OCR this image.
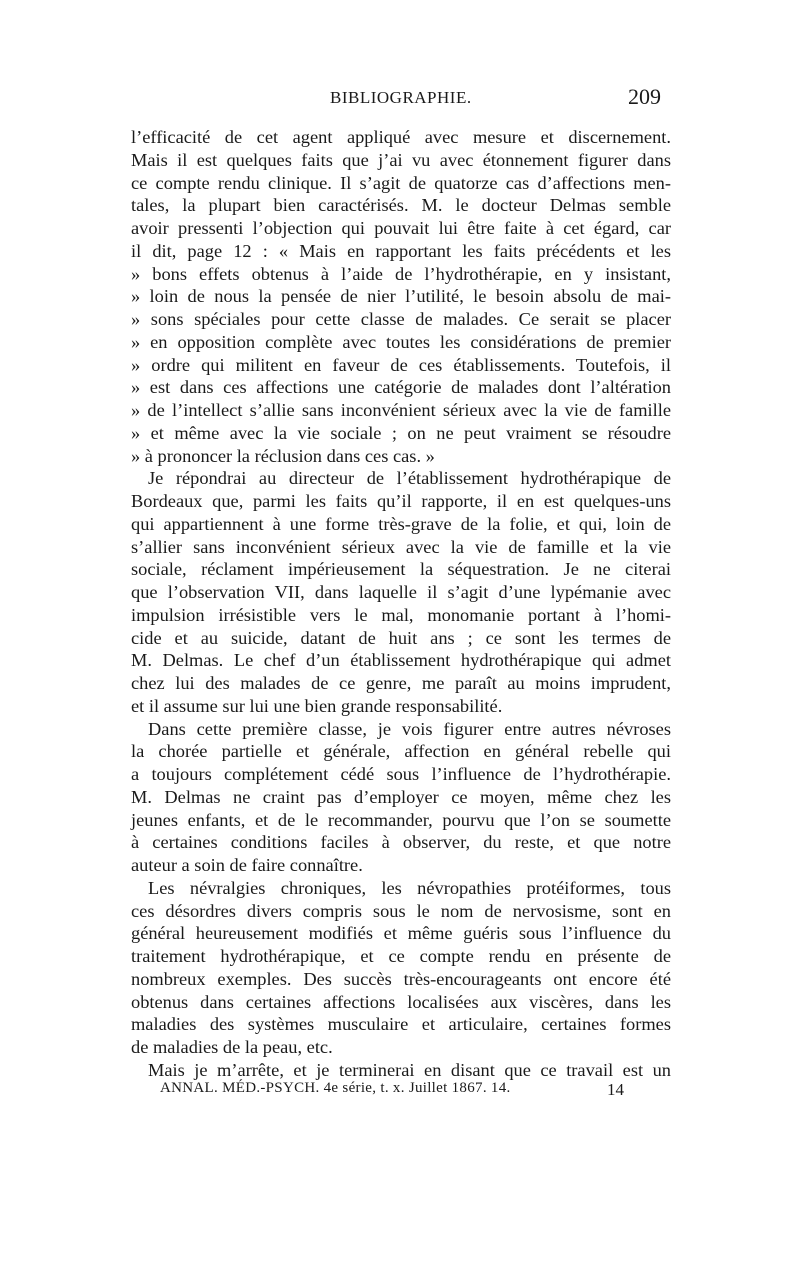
BIBLIOGRAPHIE.	209
l’efficacité de cet agent appliqué avec mesure et discernement.
Mais il est quelques faits que j’ai vu avec étonnement figurer dans
ce compte rendu clinique. Il s’agit de quatorze cas d’affections men-
tales, la plupart bien caractérisés. M. le docteur Delmas semble
avoir pressenti l’objection qui pouvait lui être faite à cet égard, car
il dit, page 12 : « Mais en rapportant les faits précédents et les
» bons effets obtenus à l’aide de l’hydrothérapie, en y insistant,
» loin de nous la pensée de nier l’utilité, le besoin absolu de mai-
» sons spéciales pour cette classe de malades. Ce serait se placer
» en opposition complète avec toutes les considérations de premier
» ordre qui militent en faveur de ces établissements. Toutefois, il
» est dans ces affections une catégorie de malades dont l’altération
» de l’intellect s’allie sans inconvénient sérieux avec la vie de famille
» et même avec la vie sociale ; on ne peut vraiment se résoudre
» à prononcer la réclusion dans ces cas. »
Je répondrai au directeur de l’établissement hydrothérapique de
Bordeaux que, parmi les faits qu’il rapporte, il en est quelques-uns
qui appartiennent à une forme très-grave de la folie, et qui, loin de
s’allier sans inconvénient sérieux avec la vie de famille et la vie
sociale, réclament impérieusement la séquestration. Je ne citerai
que l’observation VII, dans laquelle il s’agit d’une lypémanie avec
impulsion irrésistible vers le mal, monomanie portant à l’homi-
cide et au suicide, datant de huit ans ; ce sont les termes de
M. Delmas. Le chef d’un établissement hydrothérapique qui admet
chez lui des malades de ce genre, me paraît au moins imprudent,
et il assume sur lui une bien grande responsabilité.
Dans cette première classe, je vois figurer entre autres névroses
la chorée partielle et générale, affection en général rebelle qui
a toujours complétement cédé sous l’influence de l’hydrothérapie.
M. Delmas ne craint pas d’employer ce moyen, même chez les
jeunes enfants, et de le recommander, pourvu que l’on se soumette
à certaines conditions faciles à observer, du reste, et que notre
auteur a soin de faire connaître.
Les névralgies chroniques, les névropathies protéiformes, tous
ces désordres divers compris sous le nom de nervosisme, sont en
général heureusement modifiés et même guéris sous l’influence du
traitement hydrothérapique, et ce compte rendu en présente de
nombreux exemples. Des succès très-encourageants ont encore été
obtenus dans certaines affections localisées aux viscères, dans les
maladies des systèmes musculaire et articulaire, certaines formes
de maladies de la peau, etc.
Mais je m’arrête, et je terminerai en disant que ce travail est un
ANNAL. MÉD.-PSYCH. 4e série, t. x. Juillet 1867. 14.	14
